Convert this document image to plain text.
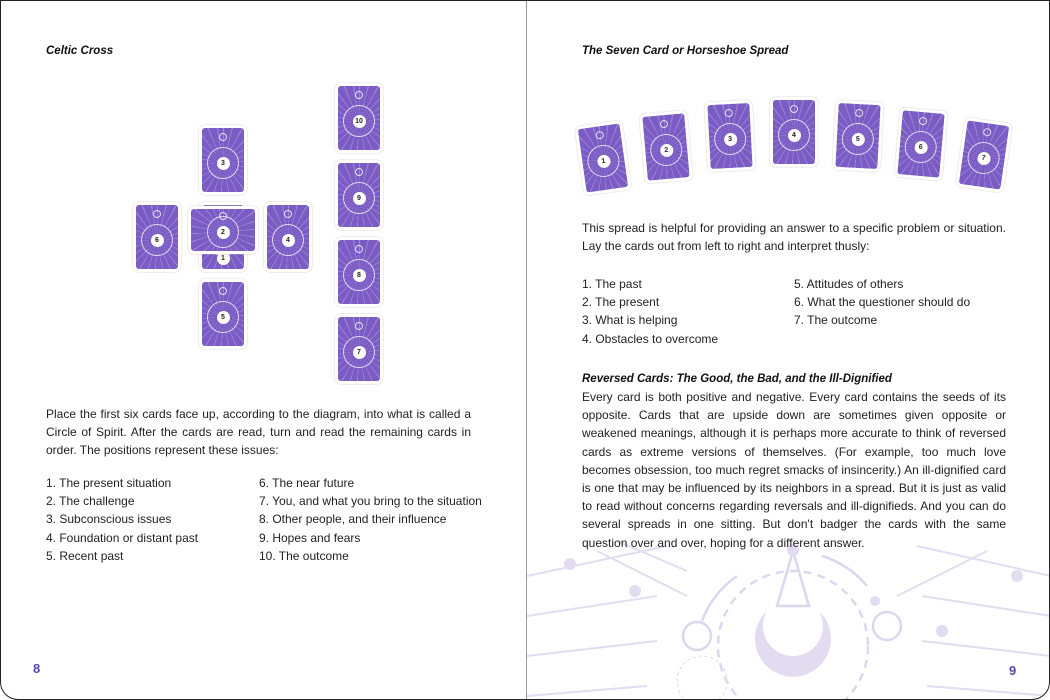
Celtic Cross
1
2
3
4
5
6
7
8
9
10
Place the first six cards face up, according to the diagram, into what is called a Circle of Spirit. After the cards are read, turn and read the remaining cards in order. The positions represent these issues:
1. The present situation
2. The challenge
3. Subconscious issues
4. Foundation or distant past
5. Recent past
6. The near future
7. You, and what you bring to the situation
8. Other people, and their influence
9. Hopes and fears
10. The outcome
8
The Seven Card or Horseshoe Spread
1
2
3
4
5
6
7
This spread is helpful for providing an answer to a specific problem or situation. Lay the cards out from left to right and interpret thusly:
1. The past
2. The present
3. What is helping
4. Obstacles to overcome
5. Attitudes of others
6. What the questioner should do
7. The outcome
Reversed Cards: The Good, the Bad, and the Ill-Dignified
Every card is both positive and negative. Every card contains the seeds of its opposite. Cards that are upside down are sometimes given opposite or weakened meanings, although it is perhaps more accurate to think of reversed cards as extreme versions of themselves. (For example, too much love becomes obsession, too much regret smacks of insincerity.) An ill-dignified card is one that may be influenced by its neighbors in a spread. But it is just as valid to read without concerns regarding reversals and ill-dignifieds. And you can do several spreads in one sitting. But don't badger the cards with the same question over and over, hoping for a different answer.
9
